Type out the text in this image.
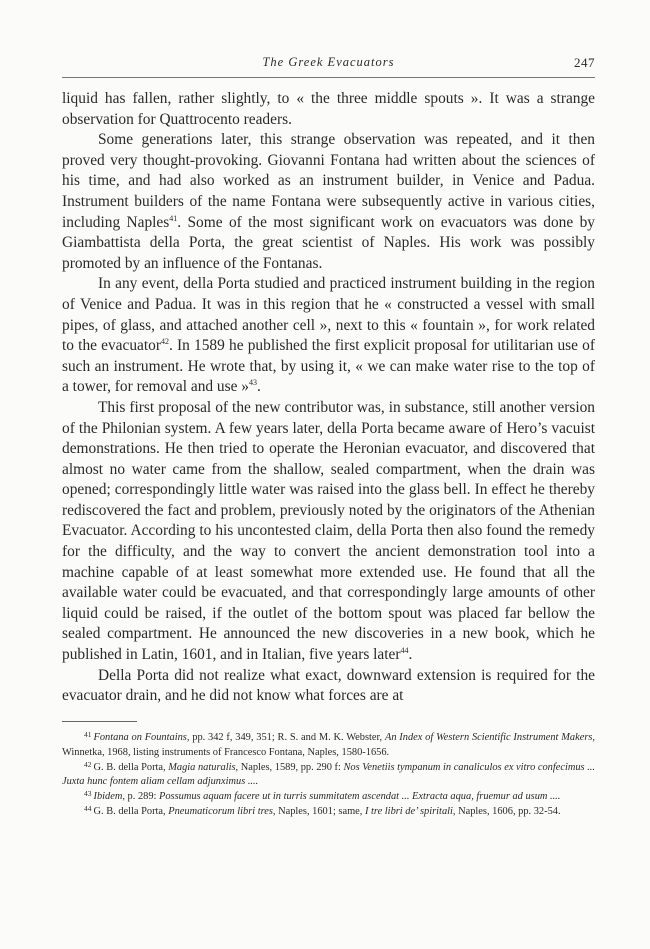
The Greek Evacuators	247

liquid has fallen, rather slightly, to « the three middle spouts ». It was a strange observation for Quattrocento readers.

Some generations later, this strange observation was repeated, and it then proved very thought-provoking. Giovanni Fontana had written about the sciences of his time, and had also worked as an instrument builder, in Venice and Padua. Instrument builders of the name Fontana were subsequently active in various cities, including Naples$^{41}$. Some of the most significant work on evacuators was done by Giambattista della Porta, the great scientist of Naples. His work was possibly promoted by an influence of the Fontanas.

In any event, della Porta studied and practiced instrument building in the region of Venice and Padua. It was in this region that he « constructed a vessel with small pipes, of glass, and attached another cell », next to this « fountain », for work related to the evacuator$^{42}$. In 1589 he published the first explicit proposal for utilitarian use of such an instrument. He wrote that, by using it, « we can make water rise to the top of a tower, for removal and use »$^{43}$.

This first proposal of the new contributor was, in substance, still another version of the Philonian system. A few years later, della Porta became aware of Hero’s vacuist demonstrations. He then tried to operate the Heronian evacuator, and discovered that almost no water came from the shallow, sealed compartment, when the drain was opened; correspondingly little water was raised into the glass bell. In effect he thereby rediscovered the fact and problem, previously noted by the originators of the Athenian Evacuator. According to his uncontested claim, della Porta then also found the remedy for the difficulty, and the way to convert the ancient demonstration tool into a machine capable of at least somewhat more extended use. He found that all the available water could be evacuated, and that correspondingly large amounts of other liquid could be raised, if the outlet of the bottom spout was placed far bellow the sealed compartment. He announced the new discoveries in a new book, which he published in Latin, 1601, and in Italian, five years later$^{44}$.

Della Porta did not realize what exact, downward extension is required for the evacuator drain, and he did not know what forces are at

$^{41}$ Fontana on Fountains, pp. 342 f, 349, 351; R. S. and M. K. Webster, An Index of Western Scientific Instrument Makers, Winnetka, 1968, listing instruments of Francesco Fontana, Naples, 1580-1656.

$^{42}$ G. B. della Porta, Magia naturalis, Naples, 1589, pp. 290 f: Nos Venetiis tympanum in canaliculos ex vitro confecimus ... Juxta hunc fontem aliam cellam adjunximus ....

$^{43}$ Ibidem, p. 289: Possumus aquam facere ut in turris summitatem ascendat ... Extracta aqua, fruemur ad usum ....

$^{44}$ G. B. della Porta, Pneumaticorum libri tres, Naples, 1601; same, I tre libri de’ spiritali, Naples, 1606, pp. 32-54.
